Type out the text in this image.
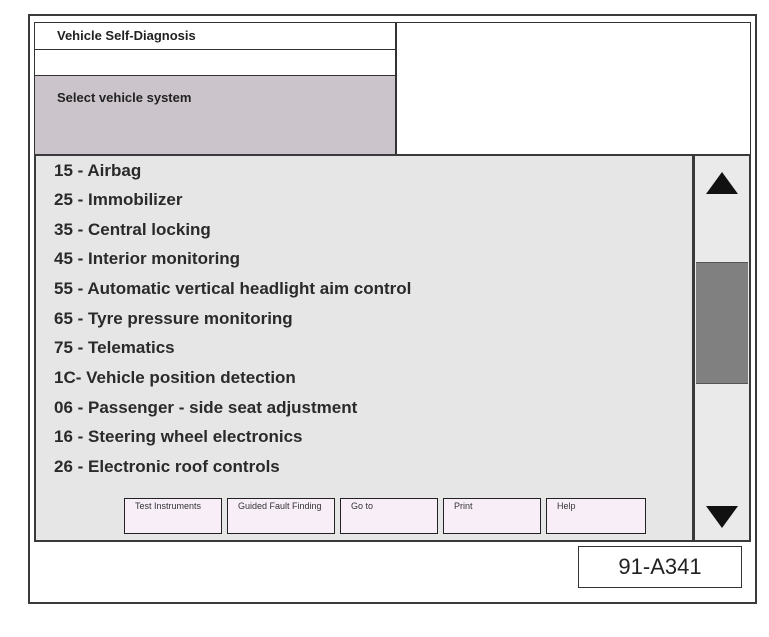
Vehicle Self-Diagnosis
Select vehicle system
15 - Airbag
25 - Immobilizer
35 - Central locking
45 - Interior monitoring
55 - Automatic vertical headlight aim control
65 - Tyre pressure monitoring
75 - Telematics
1C- Vehicle position detection
06 - Passenger - side seat adjustment
16 - Steering wheel electronics
26 - Electronic roof controls
Test Instruments	Guided Fault Finding	Go to	Print	Help
91-A341
